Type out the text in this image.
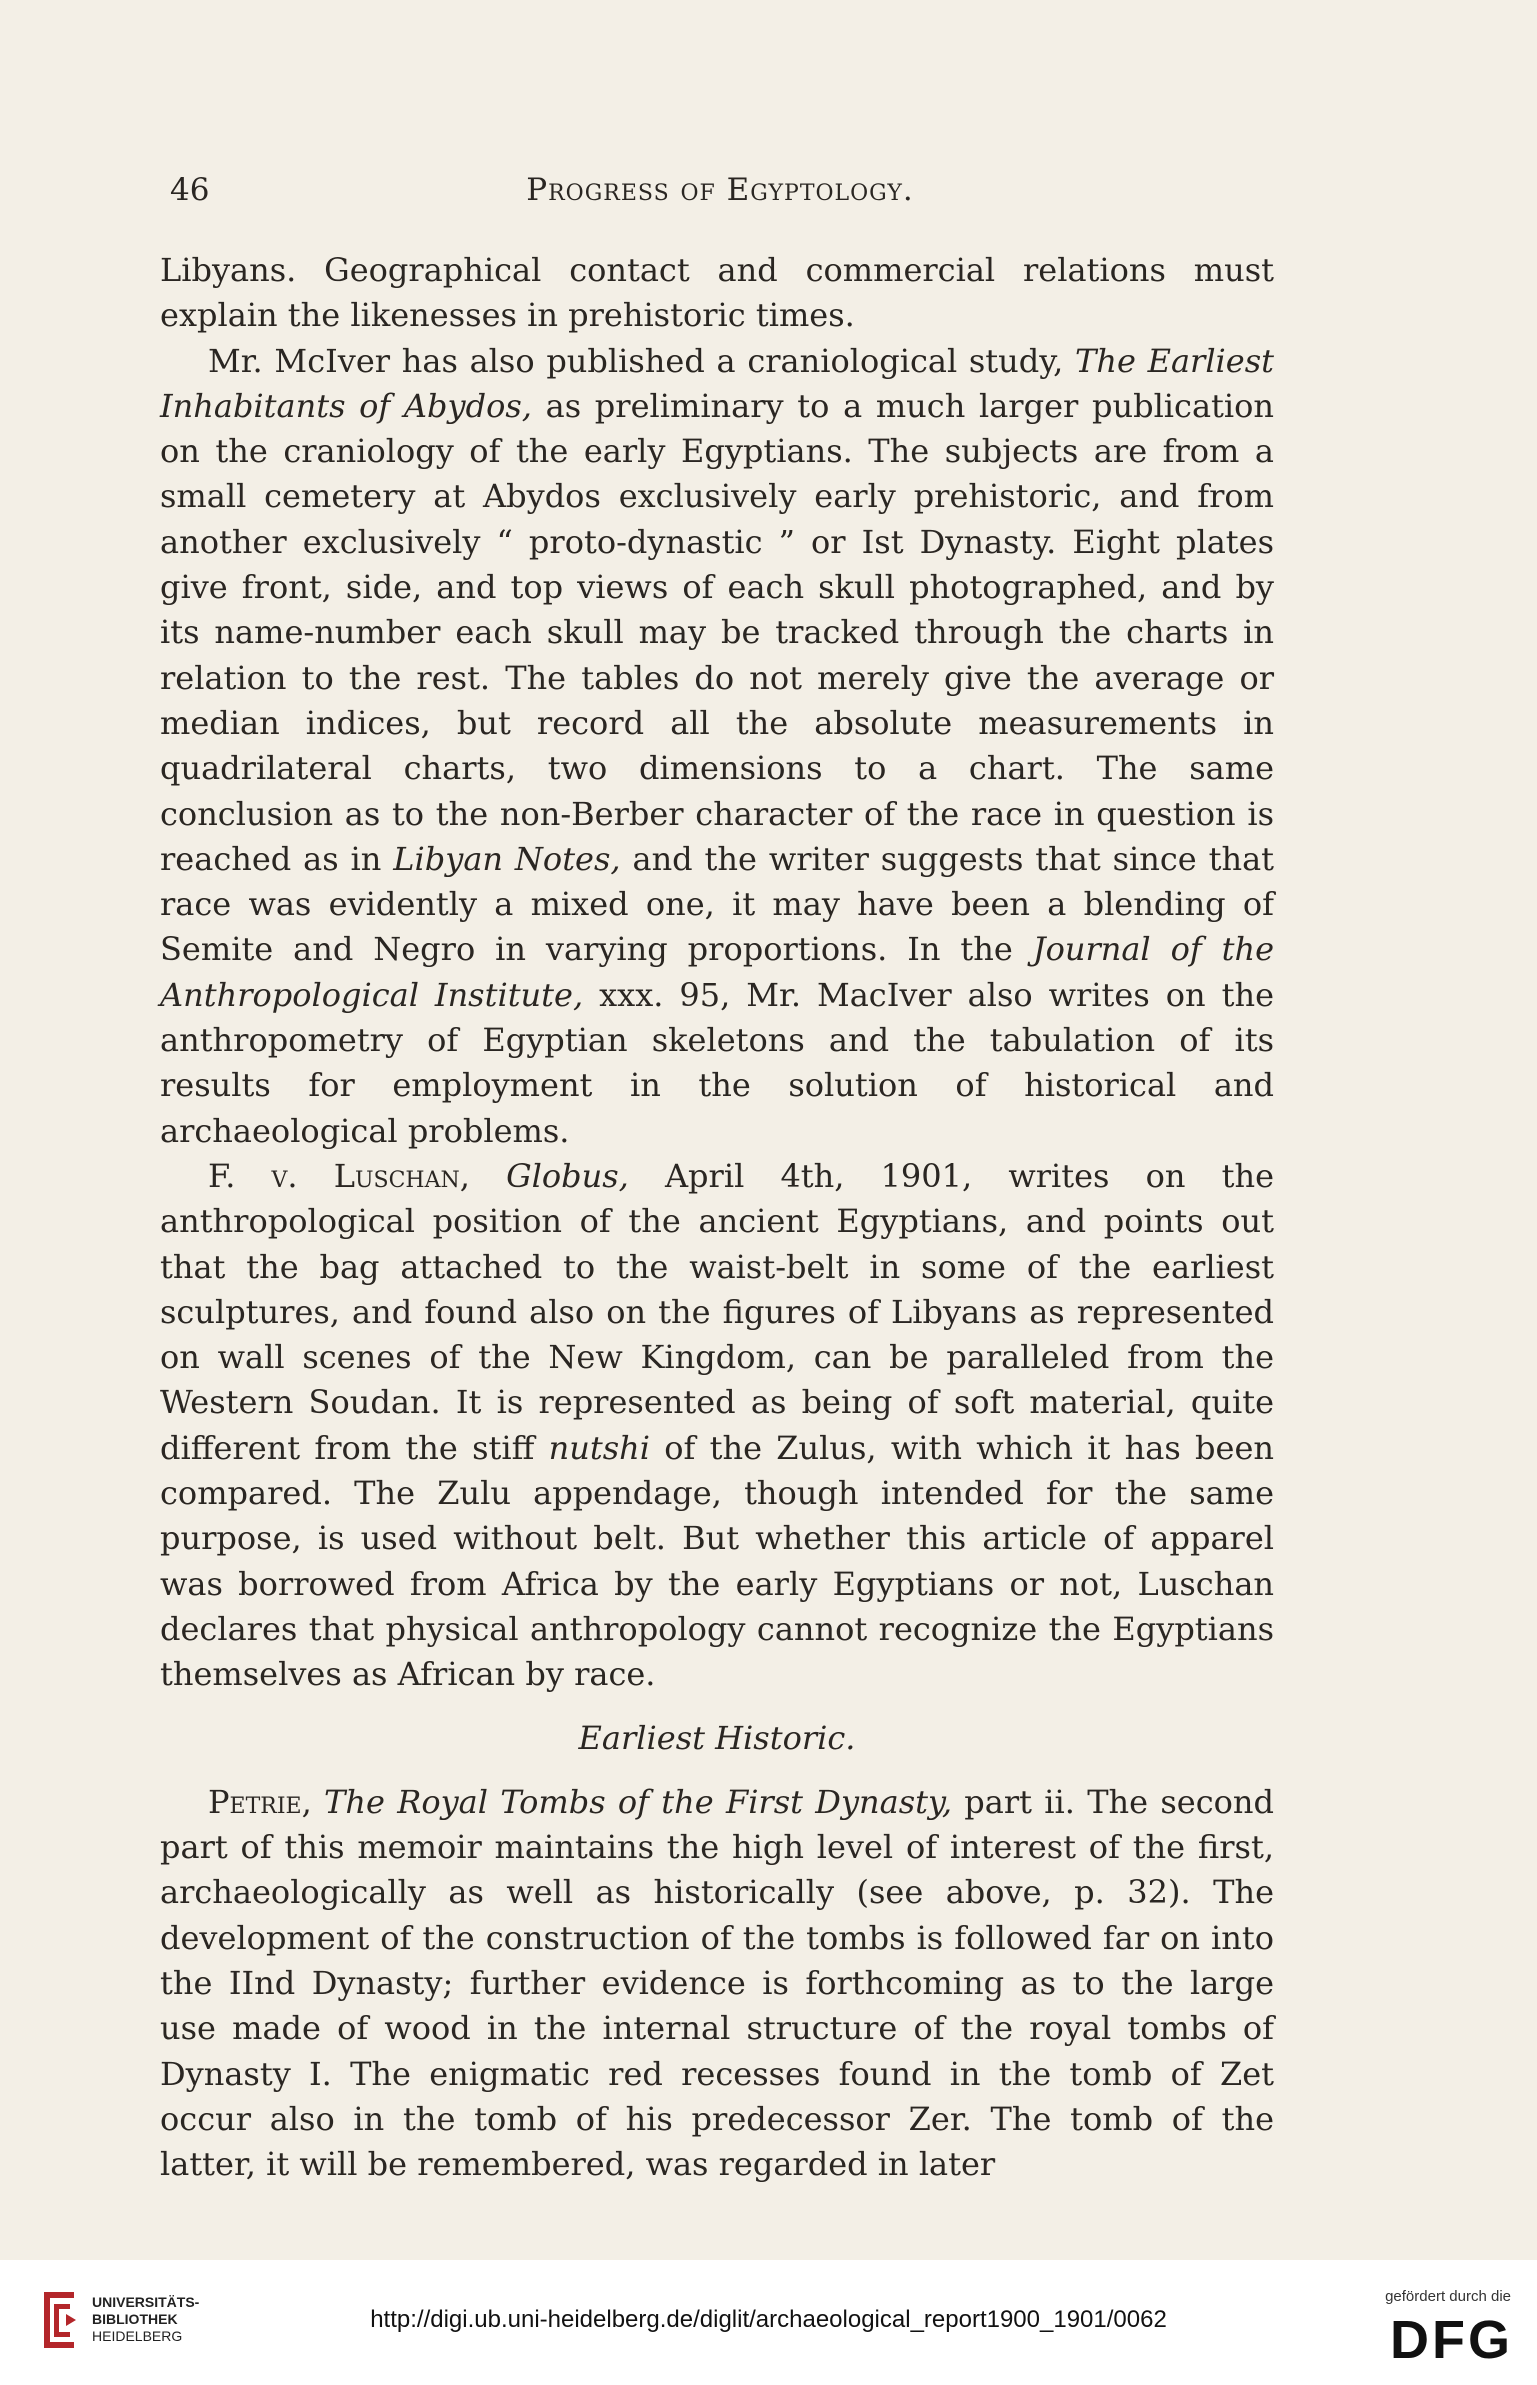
46	Progress of Egyptology.

Libyans. Geographical contact and commercial relations must explain the likenesses in prehistoric times.

Mr. McIver has also published a craniological study, The Earliest Inhabitants of Abydos, as preliminary to a much larger publication on the craniology of the early Egyptians. The subjects are from a small cemetery at Abydos exclusively early prehistoric, and from another exclusively “ proto-dynastic ” or Ist Dynasty. Eight plates give front, side, and top views of each skull photographed, and by its name-number each skull may be tracked through the charts in relation to the rest. The tables do not merely give the average or median indices, but record all the absolute measurements in quadrilateral charts, two dimensions to a chart. The same conclusion as to the non-Berber character of the race in question is reached as in Libyan Notes, and the writer suggests that since that race was evidently a mixed one, it may have been a blending of Semite and Negro in varying proportions. In the Journal of the Anthropological Institute, xxx. 95, Mr. MacIver also writes on the anthropometry of Egyptian skeletons and the tabulation of its results for employment in the solution of historical and archaeological problems.

F. v. Luschan, Globus, April 4th, 1901, writes on the anthropological position of the ancient Egyptians, and points out that the bag attached to the waist-belt in some of the earliest sculptures, and found also on the figures of Libyans as represented on wall scenes of the New Kingdom, can be paralleled from the Western Soudan. It is represented as being of soft material, quite different from the stiff nutshi of the Zulus, with which it has been compared. The Zulu appendage, though intended for the same purpose, is used without belt. But whether this article of apparel was borrowed from Africa by the early Egyptians or not, Luschan declares that physical anthropology cannot recognize the Egyptians themselves as African by race.

Earliest Historic.

Petrie, The Royal Tombs of the First Dynasty, part ii. The second part of this memoir maintains the high level of interest of the first, archaeologically as well as historically (see above, p. 32). The development of the construction of the tombs is followed far on into the IInd Dynasty; further evidence is forthcoming as to the large use made of wood in the internal structure of the royal tombs of Dynasty I. The enigmatic red recesses found in the tomb of Zet occur also in the tomb of his predecessor Zer. The tomb of the latter, it will be remembered, was regarded in later

UNIVERSITÄTS-
BIBLIOTHEK
HEIDELBERG
http://digi.ub.uni-heidelberg.de/diglit/archaeological_report1900_1901/0062
gefördert durch die
DFG
